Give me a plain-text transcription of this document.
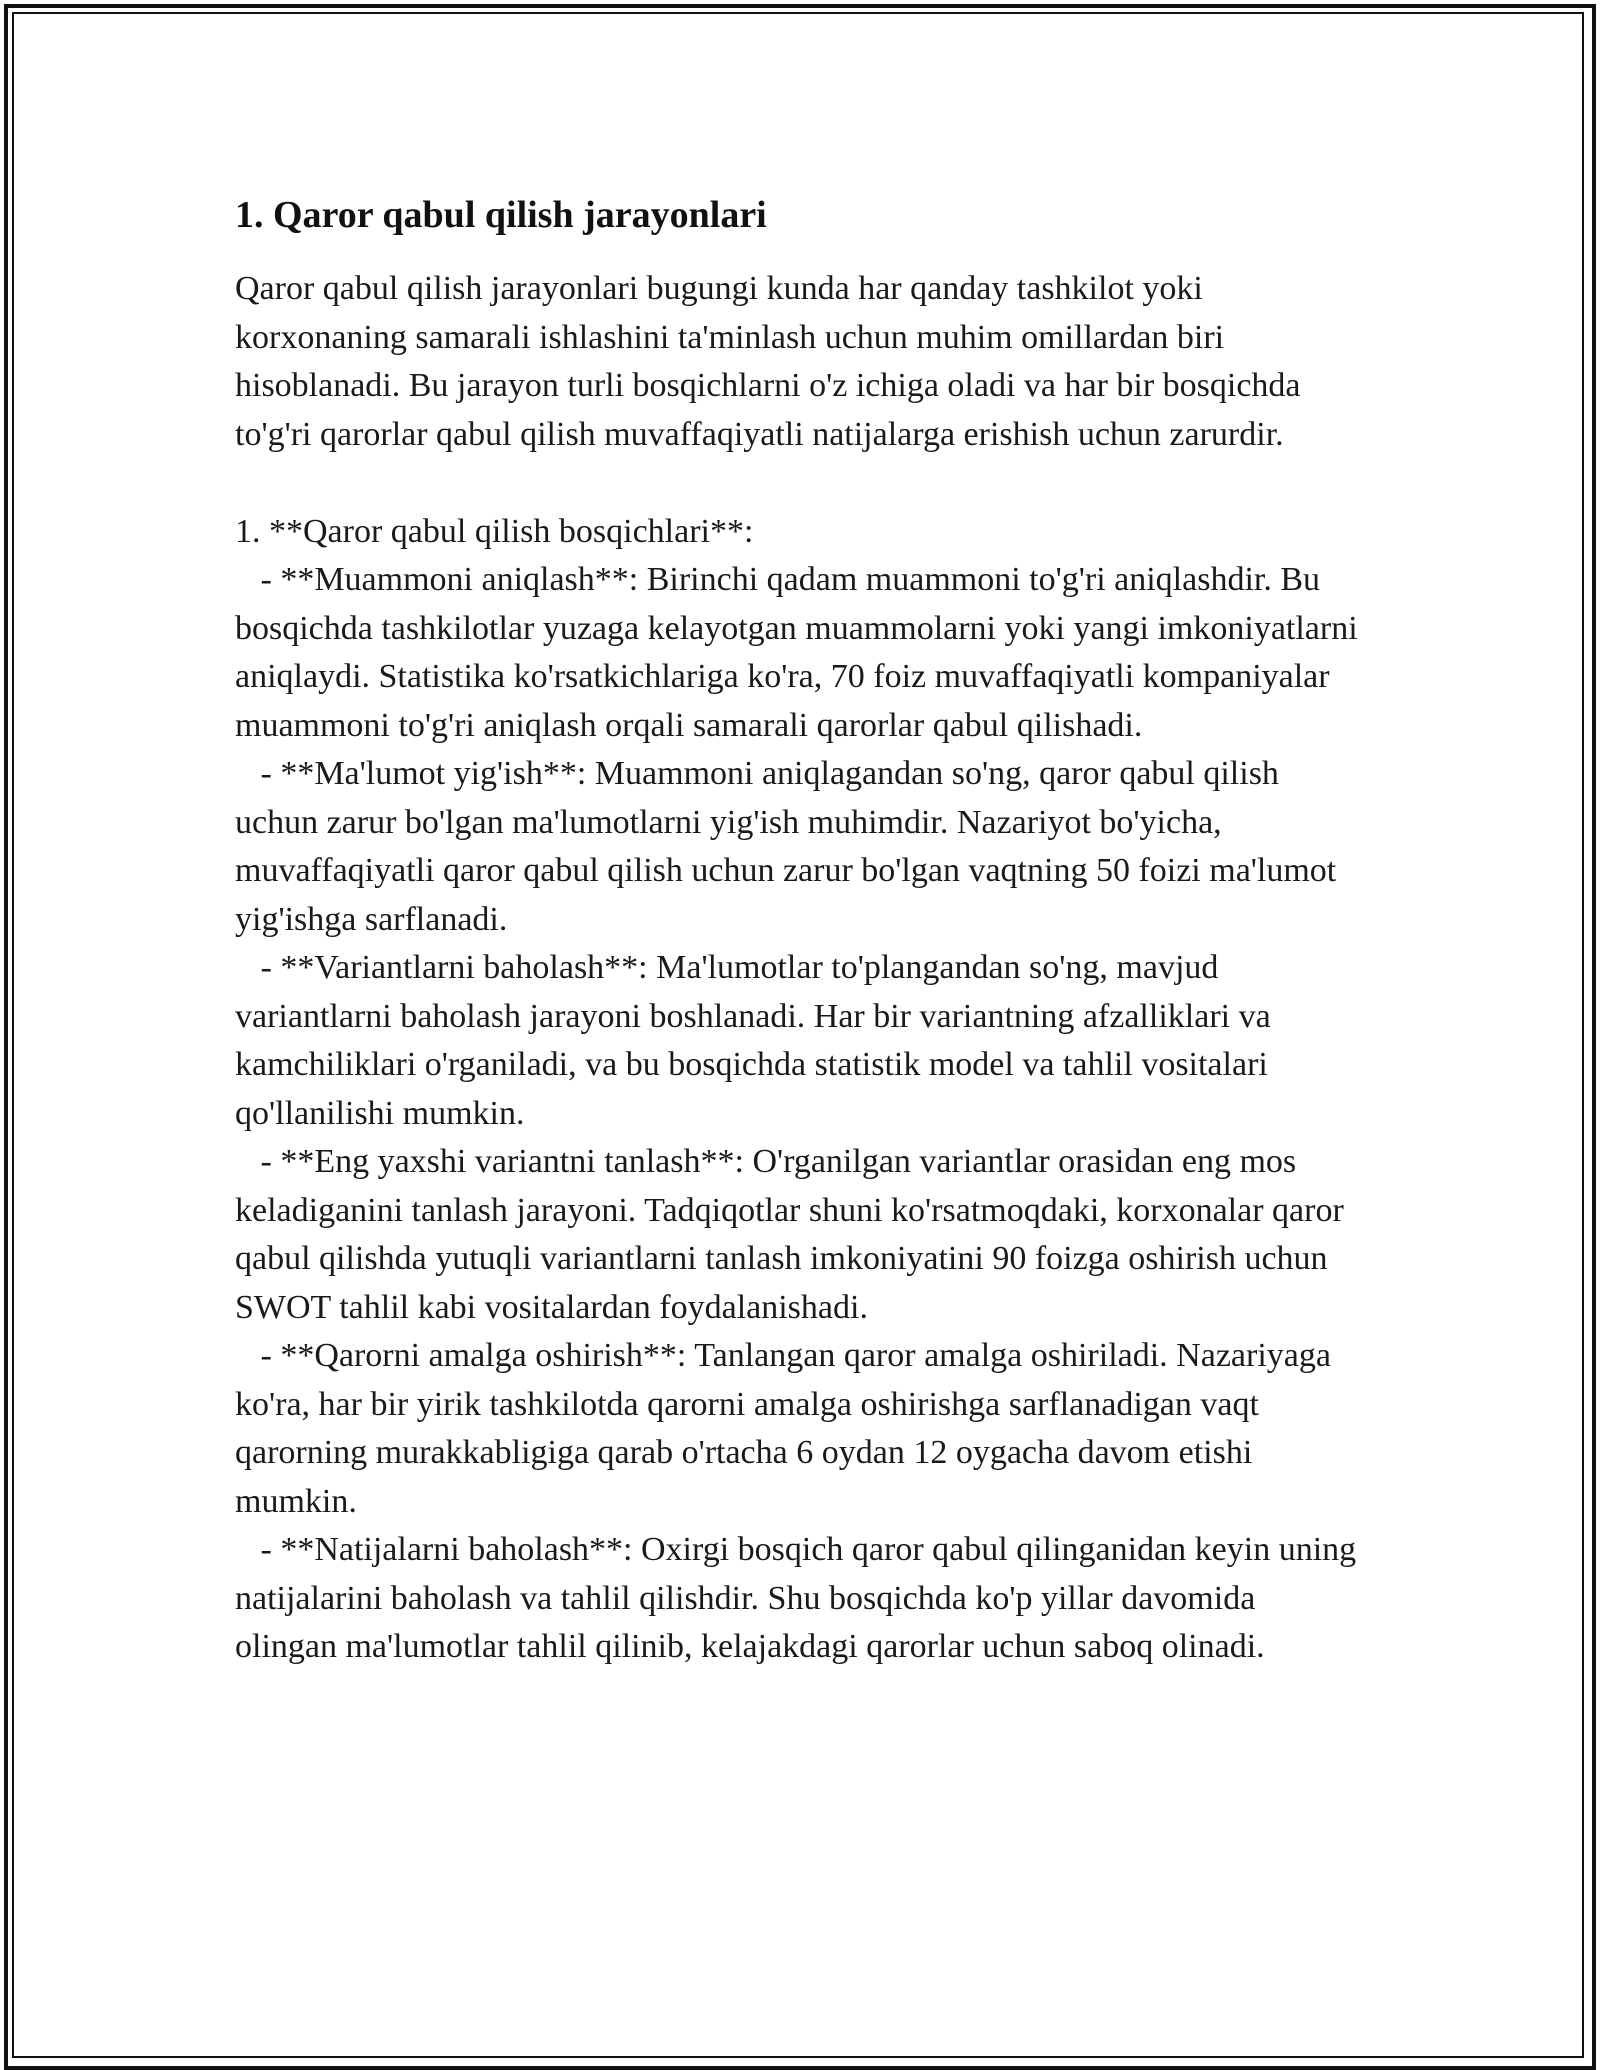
1. Qaror qabul qilish jarayonlari
Qaror qabul qilish jarayonlari bugungi kunda har qanday tashkilot yoki korxonaning samarali ishlashini ta'minlash uchun muhim omillardan biri hisoblanadi. Bu jarayon turli bosqichlarni o'z ichiga oladi va har bir bosqichda to'g'ri qarorlar qabul qilish muvaffaqiyatli natijalarga erishish uchun zarurdir.

1. **Qaror qabul qilish bosqichlari**:
- **Muammoni aniqlash**: Birinchi qadam muammoni to'g'ri aniqlashdir. Bu bosqichda tashkilotlar yuzaga kelayotgan muammolarni yoki yangi imkoniyatlarni aniqlaydi. Statistika ko'rsatkichlariga ko'ra, 70 foiz muvaffaqiyatli kompaniyalar muammoni to'g'ri aniqlash orqali samarali qarorlar qabul qilishadi.
- **Ma'lumot yig'ish**: Muammoni aniqlagandan so'ng, qaror qabul qilish uchun zarur bo'lgan ma'lumotlarni yig'ish muhimdir. Nazariyot bo'yicha, muvaffaqiyatli qaror qabul qilish uchun zarur bo'lgan vaqtning 50 foizi ma'lumot yig'ishga sarflanadi.
- **Variantlarni baholash**: Ma'lumotlar to'plangandan so'ng, mavjud variantlarni baholash jarayoni boshlanadi. Har bir variantning afzalliklari va kamchiliklari o'rganiladi, va bu bosqichda statistik model va tahlil vositalari qo'llanilishi mumkin.
- **Eng yaxshi variantni tanlash**: O'rganilgan variantlar orasidan eng mos keladiganini tanlash jarayoni. Tadqiqotlar shuni ko'rsatmoqdaki, korxonalar qaror qabul qilishda yutuqli variantlarni tanlash imkoniyatini 90 foizga oshirish uchun SWOT tahlil kabi vositalardan foydalanishadi.
- **Qarorni amalga oshirish**: Tanlangan qaror amalga oshiriladi. Nazariyaga ko'ra, har bir yirik tashkilotda qarorni amalga oshirishga sarflanadigan vaqt qarorning murakkabligiga qarab o'rtacha 6 oydan 12 oygacha davom etishi mumkin.
- **Natijalarni baholash**: Oxirgi bosqich qaror qabul qilinganidan keyin uning natijalarini baholash va tahlil qilishdir. Shu bosqichda ko'p yillar davomida olingan ma'lumotlar tahlil qilinib, kelajakdagi qarorlar uchun saboq olinadi.
